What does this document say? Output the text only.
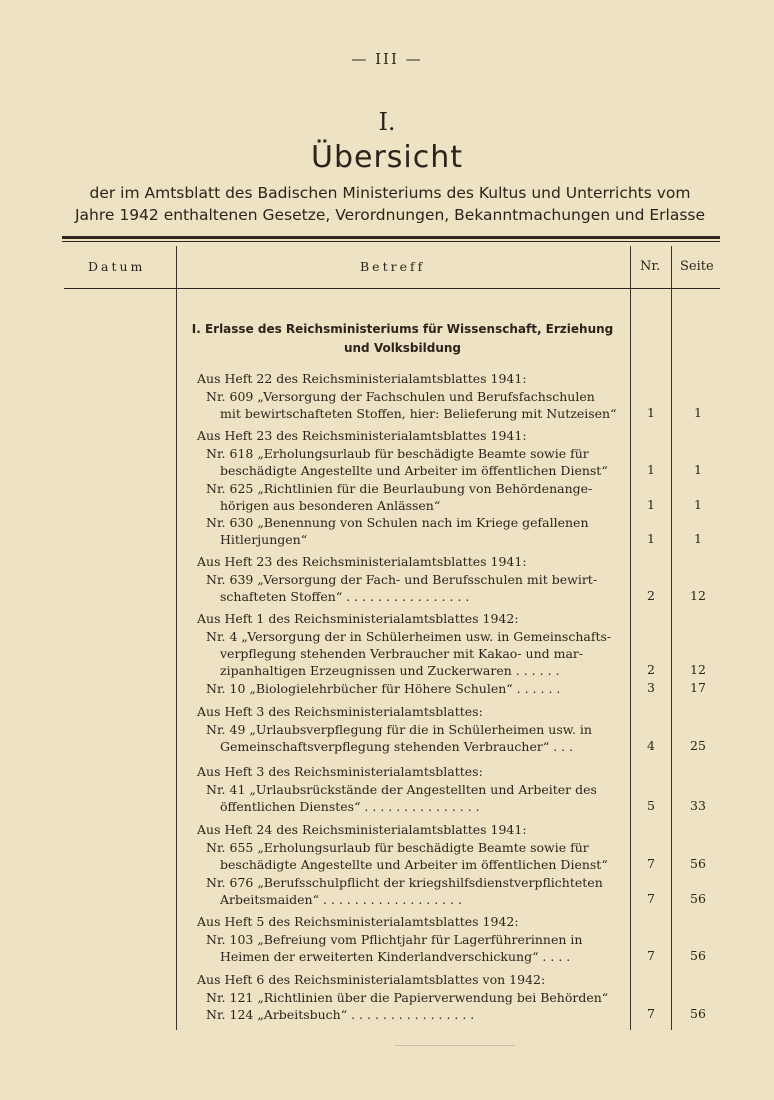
— III —
I.
Übersicht
der im Amtsblatt des Badischen Ministeriums des Kultus und Unterrichts vom
Jahre 1942 enthaltenen Gesetze, Verordnungen, Bekanntmachungen und Erlasse
Datum	Betreff	Nr. Seite
I. Erlasse des Reichsministeriums für Wissenschaft, Erziehung
und Volksbildung
Aus Heft 22 des Reichsministerialamtsblattes 1941:
Nr. 609 „Versorgung der Fachschulen und Berufsfachschulen
mit bewirtschafteten Stoffen, hier: Belieferung mit Nutzeisen“	1	1
Aus Heft 23 des Reichsministerialamtsblattes 1941:
Nr. 618 „Erholungsurlaub für beschädigte Beamte sowie für
beschädigte Angestellte und Arbeiter im öffentlichen Dienst“	1	1
Nr. 625 „Richtlinien für die Beurlaubung von Behördenange-
hörigen aus besonderen Anlässen“	1	1
Nr. 630 „Benennung von Schulen nach im Kriege gefallenen
Hitlerjungen“	1	1
Aus Heft 23 des Reichsministerialamtsblattes 1941:
Nr. 639 „Versorgung der Fach- und Berufsschulen mit bewirt-
schafteten Stoffen“ . . . . . . . . . . . . . . . .	2	12
Aus Heft 1 des Reichsministerialamtsblattes 1942:
Nr. 4 „Versorgung der in Schülerheimen usw. in Gemeinschafts-
verpflegung stehenden Verbraucher mit Kakao- und mar-
zipanhaltigen Erzeugnissen und Zuckerwaren . . . . . .	2	12
Nr. 10 „Biologielehrbücher für Höhere Schulen“ . . . . . .	3	17
Aus Heft 3 des Reichsministerialamtsblattes:
Nr. 49 „Urlaubsverpflegung für die in Schülerheimen usw. in
Gemeinschaftsverpflegung stehenden Verbraucher“ . . .	4	25
Aus Heft 3 des Reichsministerialamtsblattes:
Nr. 41 „Urlaubsrückstände der Angestellten und Arbeiter des
öffentlichen Dienstes“ . . . . . . . . . . . . . . .	5	33
Aus Heft 24 des Reichsministerialamtsblattes 1941:
Nr. 655 „Erholungsurlaub für beschädigte Beamte sowie für
beschädigte Angestellte und Arbeiter im öffentlichen Dienst“	7	56
Nr. 676 „Berufsschulpflicht der kriegshilfsdienstverpflichteten
Arbeitsmaiden“ . . . . . . . . . . . . . . . . . .	7	56
Aus Heft 5 des Reichsministerialamtsblattes 1942:
Nr. 103 „Befreiung vom Pflichtjahr für Lagerführerinnen in
Heimen der erweiterten Kinderlandverschickung“ . . . .	7	56
Aus Heft 6 des Reichsministerialamtsblattes von 1942:
Nr. 121 „Richtlinien über die Papierverwendung bei Behörden“
Nr. 124 „Arbeitsbuch“ . . . . . . . . . . . . . . . .	7	56
